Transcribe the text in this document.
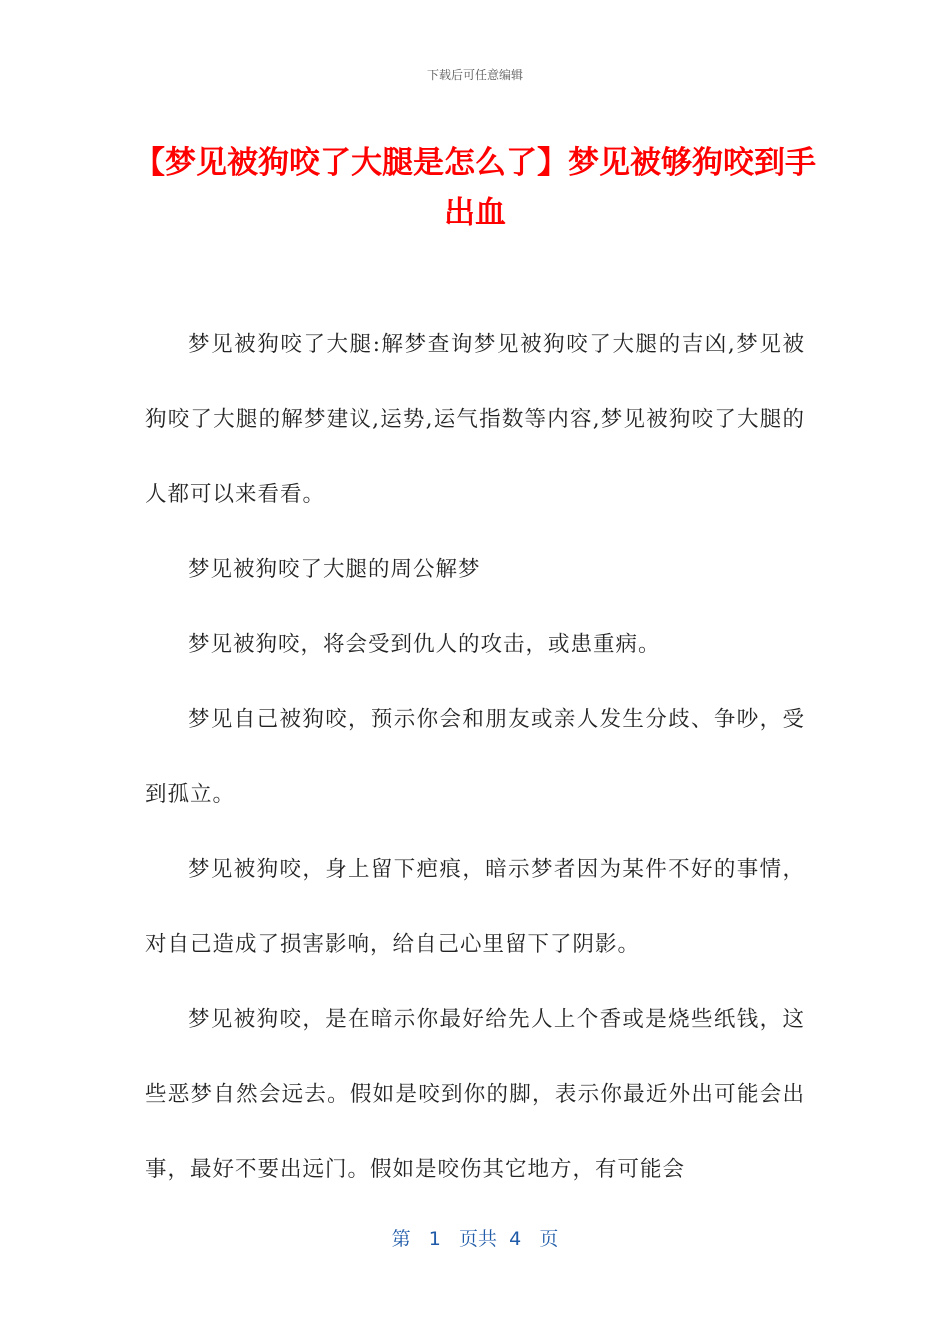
下载后可任意编辑
【梦见被狗咬了大腿是怎么了】梦见被够狗咬到手出血

梦见被狗咬了大腿:解梦查询梦见被狗咬了大腿的吉凶,梦见被狗咬了大腿的解梦建议,运势,运气指数等内容,梦见被狗咬了大腿的人都可以来看看。

梦见被狗咬了大腿的周公解梦

梦见被狗咬，将会受到仇人的攻击，或患重病。

梦见自己被狗咬，预示你会和朋友或亲人发生分歧、争吵，受到孤立。

梦见被狗咬，身上留下疤痕，暗示梦者因为某件不好的事情，对自己造成了损害影响，给自己心里留下了阴影。

梦见被狗咬，是在暗示你最好给先人上个香或是烧些纸钱，这些恶梦自然会远去。假如是咬到你的脚，表示你最近外出可能会出事，最好不要出远门。假如是咬伤其它地方，有可能会

第 1 页共 4 页
